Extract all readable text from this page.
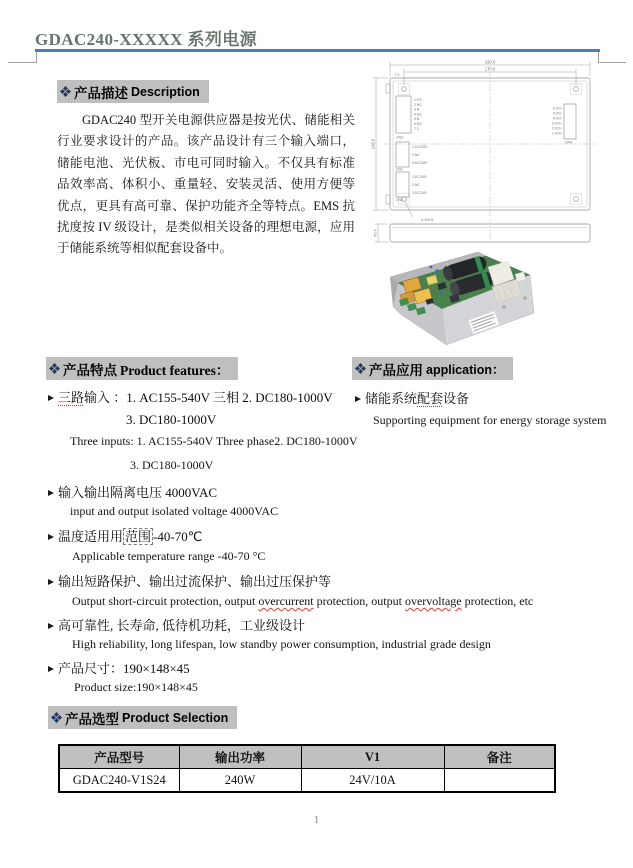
GDAC240-XXXXX 系列电源
产品描述 Description
GDAC240 型开关电源供应器是按光伏、储能相关行业要求设计的产品。该产品设计有三个输入端口，储能电池、光伏板、市电可同时输入。不仅具有标准品效率高、体积小、重量轻、安装灵活、使用方便等优点，更具有高可靠、保护功能齐全等特点。EMS 抗扰度按 IV 级设计，是类似相关设备的理想电源，应用于储能系统等相似配套设备中。
1.FG
2.NC
3.A
4.NC
5.B
6.NC
7.C
CN3
1.DC240+
2.NC
3.DC240+
CN1
1.DC240-
2.NC
3.DC240-
CN2
6.VO-
5.VO-
4.VO-
3.VO+
2.VO+
1.VO+
CN4
190.0
170.0
7.0
148.0
4-Φ4.5
45.4
产品特点 Product features：	产品应用 application：
三路输入 ：1. AC155-540V 三相 2. DC180-1000V
3. DC180-1000V
Three inputs: 1. AC155-540V Three phase2. DC180-1000V
3. DC180-1000V
输入输出隔离电压 4000VAC
input and output isolated voltage 4000VAC
温度适用用 范围 -40-70℃
Applicable temperature range -40-70 °C
输出短路保护、输出过流保护、输出过压保护等
Output short-circuit protection, output overcurrent protection, output overvoltage protection, etc
高可靠性, 长寿命, 低待机功耗，工业级设计
High reliability, long lifespan, low standby power consumption, industrial grade design
产品尺寸：190×148×45
Product size:190×148×45
储能系统配套设备
Supporting equipment for energy storage system
产品选型 Product Selection
产品型号	输出功率	V1	备注
GDAC240-V1S24	240W	24V/10A	
1
